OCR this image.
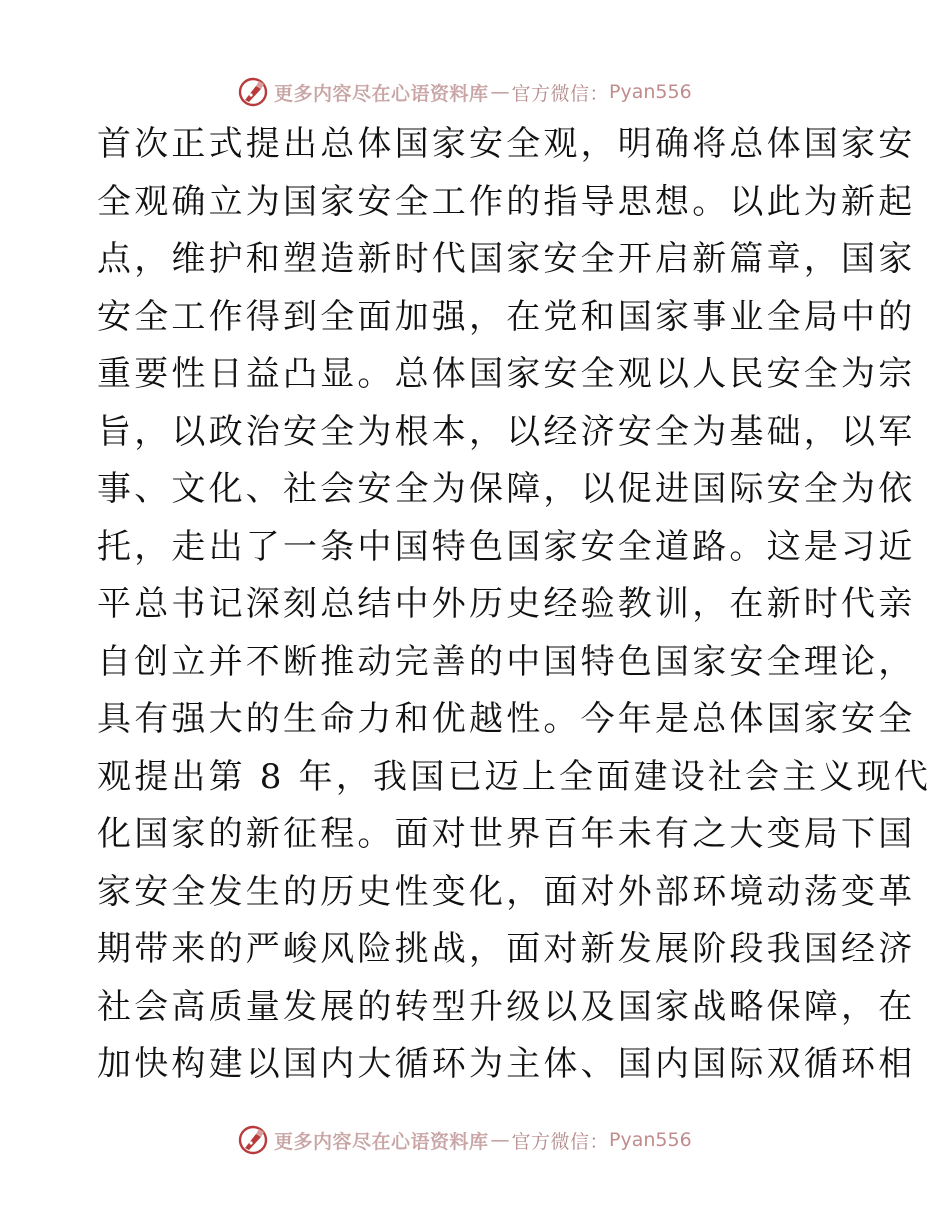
更多内容尽在心语资料库 — 官方微信： Pyan556
首次正式提出总体国家安全观，明确将总体国家安
全观确立为国家安全工作的指导思想。以此为新起
点，维护和塑造新时代国家安全开启新篇章，国家
安全工作得到全面加强，在党和国家事业全局中的
重要性日益凸显。总体国家安全观以人民安全为宗
旨，以政治安全为根本，以经济安全为基础，以军
事、文化、社会安全为保障，以促进国际安全为依
托，走出了一条中国特色国家安全道路。这是习近
平总书记深刻总结中外历史经验教训，在新时代亲
自创立并不断推动完善的中国特色国家安全理论，
具有强大的生命力和优越性。今年是总体国家安全
观提出第 8 年，我国已迈上全面建设社会主义现代
化国家的新征程。面对世界百年未有之大变局下国
家安全发生的历史性变化，面对外部环境动荡变革
期带来的严峻风险挑战，面对新发展阶段我国经济
社会高质量发展的转型升级以及国家战略保障，在
加快构建以国内大循环为主体、国内国际双循环相
更多内容尽在心语资料库 — 官方微信： Pyan556
